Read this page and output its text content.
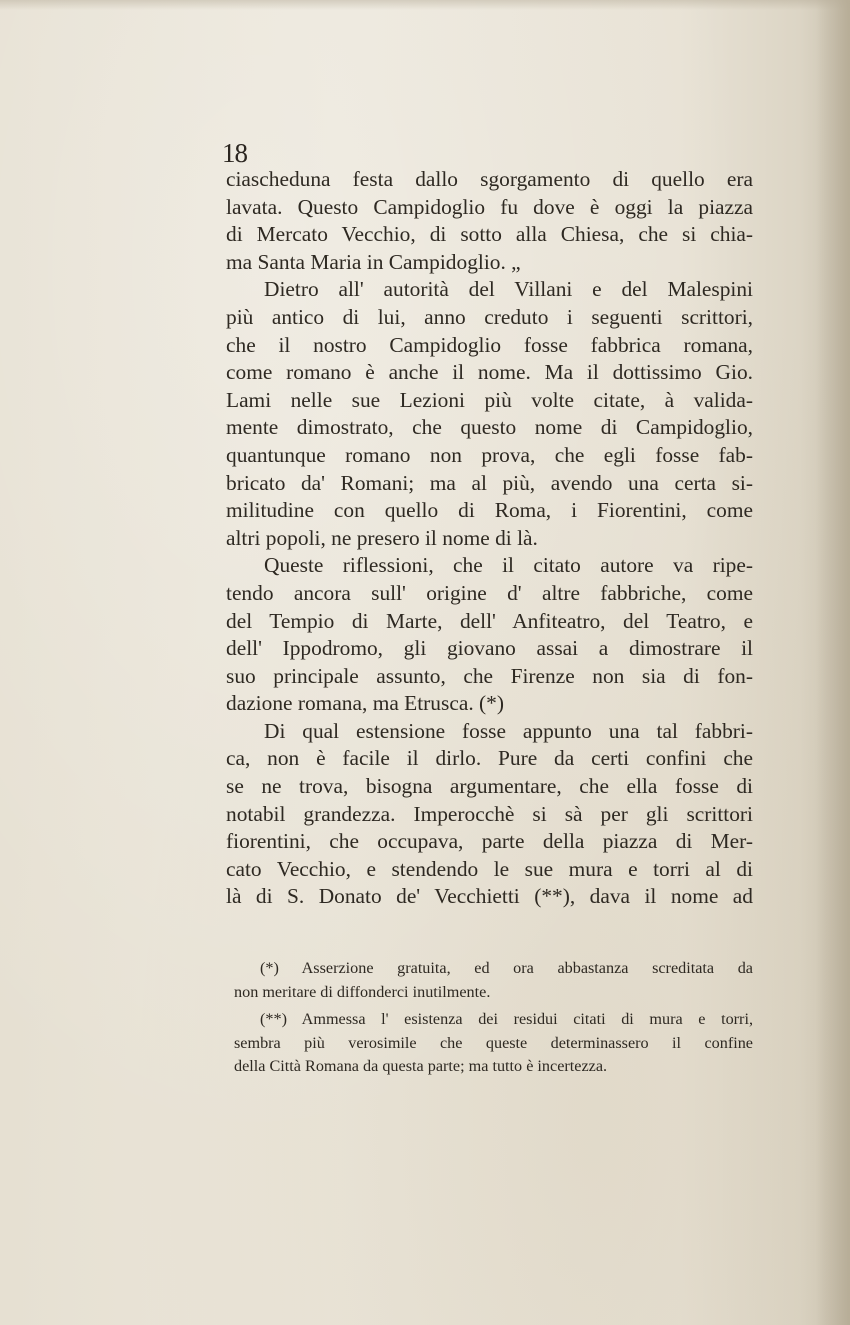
18
ciascheduna festa dallo sgorgamento di quello era
lavata. Questo Campidoglio fu dove è oggi la piazza
di Mercato Vecchio, di sotto alla Chiesa, che si chia-
ma Santa Maria in Campidoglio. „
Dietro all' autorità del Villani e del Malespini
più antico di lui, anno creduto i seguenti scrittori,
che il nostro Campidoglio fosse fabbrica romana,
come romano è anche il nome. Ma il dottissimo Gio.
Lami nelle sue Lezioni più volte citate, à valida-
mente dimostrato, che questo nome di Campidoglio,
quantunque romano non prova, che egli fosse fab-
bricato da' Romani; ma al più, avendo una certa si-
militudine con quello di Roma, i Fiorentini, come
altri popoli, ne presero il nome di là.
Queste riflessioni, che il citato autore va ripe-
tendo ancora sull' origine d' altre fabbriche, come
del Tempio di Marte, dell' Anfiteatro, del Teatro, e
dell' Ippodromo, gli giovano assai a dimostrare il
suo principale assunto, che Firenze non sia di fon-
dazione romana, ma Etrusca. (*)
Di qual estensione fosse appunto una tal fabbri-
ca, non è facile il dirlo. Pure da certi confini che
se ne trova, bisogna argumentare, che ella fosse di
notabil grandezza. Imperocchè si sà per gli scrittori
fiorentini, che occupava, parte della piazza di Mer-
cato Vecchio, e stendendo le sue mura e torri al di
là di S. Donato de' Vecchietti (**), dava il nome ad
(*) Asserzione gratuita, ed ora abbastanza screditata da
non meritare di diffonderci inutilmente.
(**) Ammessa l' esistenza dei residui citati di mura e torri,
sembra più verosimile che queste determinassero il confine
della Città Romana da questa parte; ma tutto è incertezza.
